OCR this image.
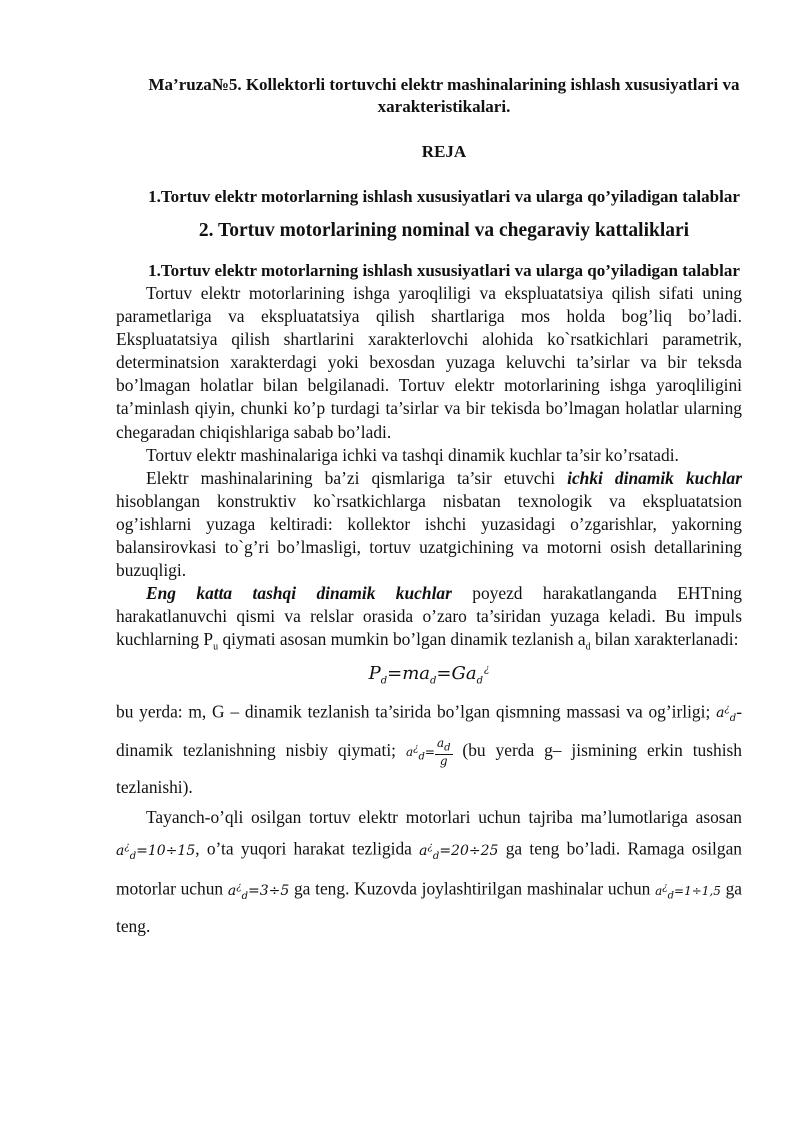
Ma’ruza№5. Kollektorli tortuvchi elektr mashinalarining ishlash xususiyatlari va xarakteristikalari.

REJA

1.Tortuv elektr motorlarning ishlash xususiyatlari va ularga qo’yiladigan talablar

2. Tortuv motorlarining nominal va chegaraviy kattaliklari

1.Tortuv elektr motorlarning ishlash xususiyatlari va ularga qo’yiladigan talablar

Tortuv elektr motorlarining ishga yaroqliligi va ekspluatatsiya qilish sifati uning parametlariga va ekspluatatsiya qilish shartlariga mos holda bog’liq bo’ladi. Ekspluatatsiya qilish shartlarini xarakterlovchi alohida ko`rsatkichlari parametrik, determinatsion xarakterdagi yoki bexosdan yuzaga keluvchi ta’sirlar va bir teksda bo’lmagan holatlar bilan belgilanadi. Tortuv elektr motorlarining ishga yaroqliligini ta’minlash qiyin, chunki ko’p turdagi ta’sirlar va bir tekisda bo’lmagan holatlar ularning chegaradan chiqishlariga sabab bo’ladi.

Tortuv elektr mashinalariga ichki va tashqi dinamik kuchlar ta’sir ko’rsatadi.

Elektr mashinalarining ba’zi qismlariga ta’sir etuvchi ichki dinamik kuchlar hisoblangan konstruktiv ko`rsatkichlarga nisbatan texnologik va ekspluatatsion og’ishlarni yuzaga keltiradi: kollektor ishchi yuzasidagi o’zgarishlar, yakorning balansirovkasi to`g’ri bo’lmasligi, tortuv uzatgichining va motorni osish detallarining buzuqligi.

Eng katta tashqi dinamik kuchlar poyezd harakatlanganda EHTning harakatlanuvchi qismi va relslar orasida o’zaro ta’siridan yuzaga keladi. Bu impuls kuchlarning $P_u$ qiymati asosan mumkin bo’lgan dinamik tezlanish $a_d$ bilan xarakterlanadi:

$P_d=ma_d=Ga_d$ ¿

bu yerda: m, G – dinamik tezlanish ta’sirida bo’lgan qismning massasi va og’irligi; $a^¿_d$-dinamik tezlanishning nisbiy qiymati; $a^¿_d= \frac{a_d}{g} (bu$ yerda g– jismining erkin tushish tezlanishi).

Tayanch-o’qli osilgan tortuv elektr motorlari uchun tajriba ma’lumotlariga asosan $a^¿_d=10\div 15$, o’ta yuqori harakat tezligida $a^¿_d=20\div 25$ ga teng bo’ladi. Ramaga osilgan motorlar uchun $a^¿_d=3\div 5$ ga teng. Kuzovda joylashtirilgan mashinalar uchun $a^¿_d=1\div 1,5$ ga teng.
